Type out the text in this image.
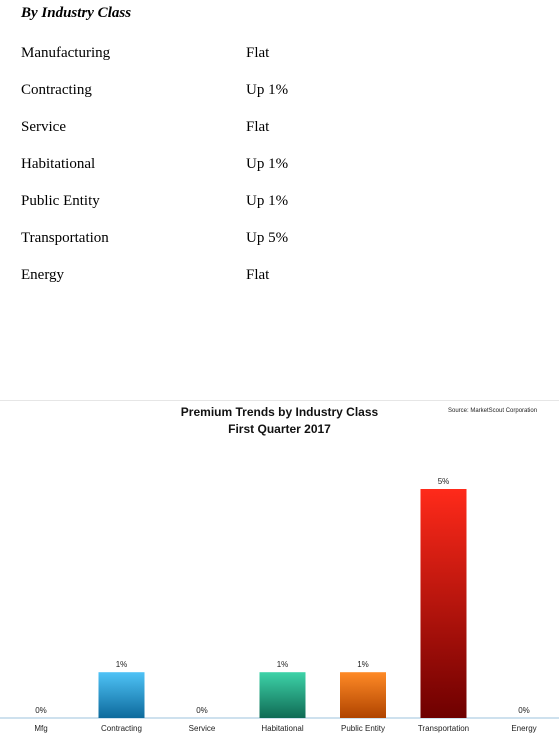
By Industry Class
Manufacturing	Flat
Contracting	Up 1%
Service	Flat
Habitational	Up 1%
Public Entity	Up 1%
Transportation	Up 5%
Energy	Flat
Premium Trends by Industry Class
First Quarter 2017
Source: MarketScout Corporation
0%
Mfg
1%
Contracting
0%
Service
1%
Habitational
1%
Public Entity
5%
Transportation
0%
Energy
